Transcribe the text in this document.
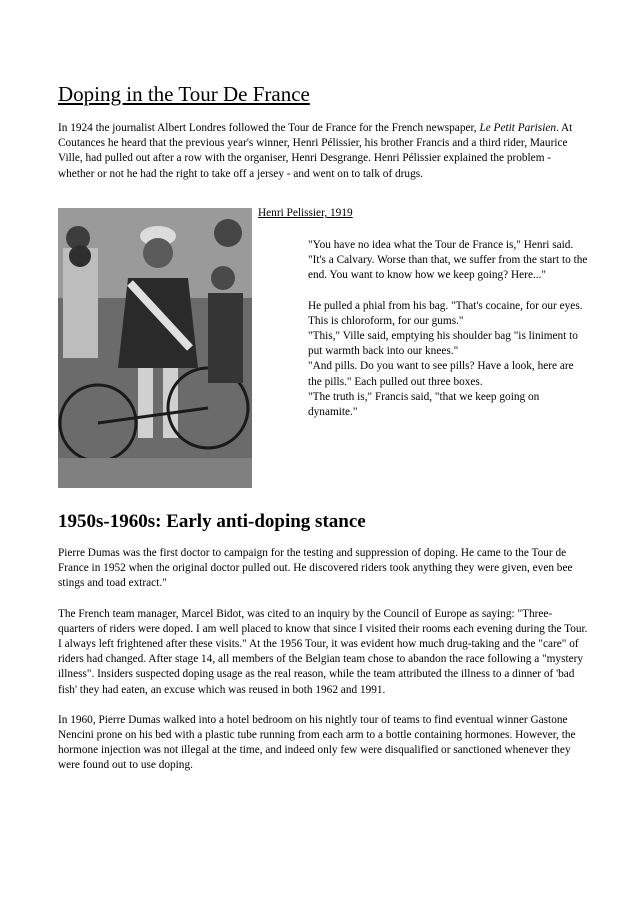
Doping in the Tour De France

In 1924 the journalist Albert Londres followed the Tour de France for the French newspaper, Le Petit Parisien. At Coutances he heard that the previous year's winner, Henri Pélissier, his brother Francis and a third rider, Maurice Ville, had pulled out after a row with the organiser, Henri Desgrange. Henri Pélissier explained the problem - whether or not he had the right to take off a jersey - and went on to talk of drugs.

Henri Pelissier, 1919

"You have no idea what the Tour de France is," Henri said. "It's a Calvary. Worse than that, we suffer from the start to the end. You want to know how we keep going? Here..."

He pulled a phial from his bag. "That's cocaine, for our eyes. This is chloroform, for our gums."

"This," Ville said, emptying his shoulder bag "is liniment to put warmth back into our knees."

"And pills. Do you want to see pills? Have a look, here are the pills." Each pulled out three boxes.

"The truth is," Francis said, "that we keep going on dynamite."

1950s-1960s: Early anti-doping stance

Pierre Dumas was the first doctor to campaign for the testing and suppression of doping. He came to the Tour de France in 1952 when the original doctor pulled out. He discovered riders took anything they were given, even bee stings and toad extract."

The French team manager, Marcel Bidot, was cited to an inquiry by the Council of Europe as saying: "Three-quarters of riders were doped. I am well placed to know that since I visited their rooms each evening during the Tour. I always left frightened after these visits." At the 1956 Tour, it was evident how much drug-taking and the "care" of riders had changed. After stage 14, all members of the Belgian team chose to abandon the race following a "mystery illness". Insiders suspected doping usage as the real reason, while the team attributed the illness to a dinner of 'bad fish' they had eaten, an excuse which was reused in both 1962 and 1991.

In 1960, Pierre Dumas walked into a hotel bedroom on his nightly tour of teams to find eventual winner Gastone Nencini prone on his bed with a plastic tube running from each arm to a bottle containing hormones. However, the hormone injection was not illegal at the time, and indeed only few were disqualified or sanctioned whenever they were found out to use doping.
